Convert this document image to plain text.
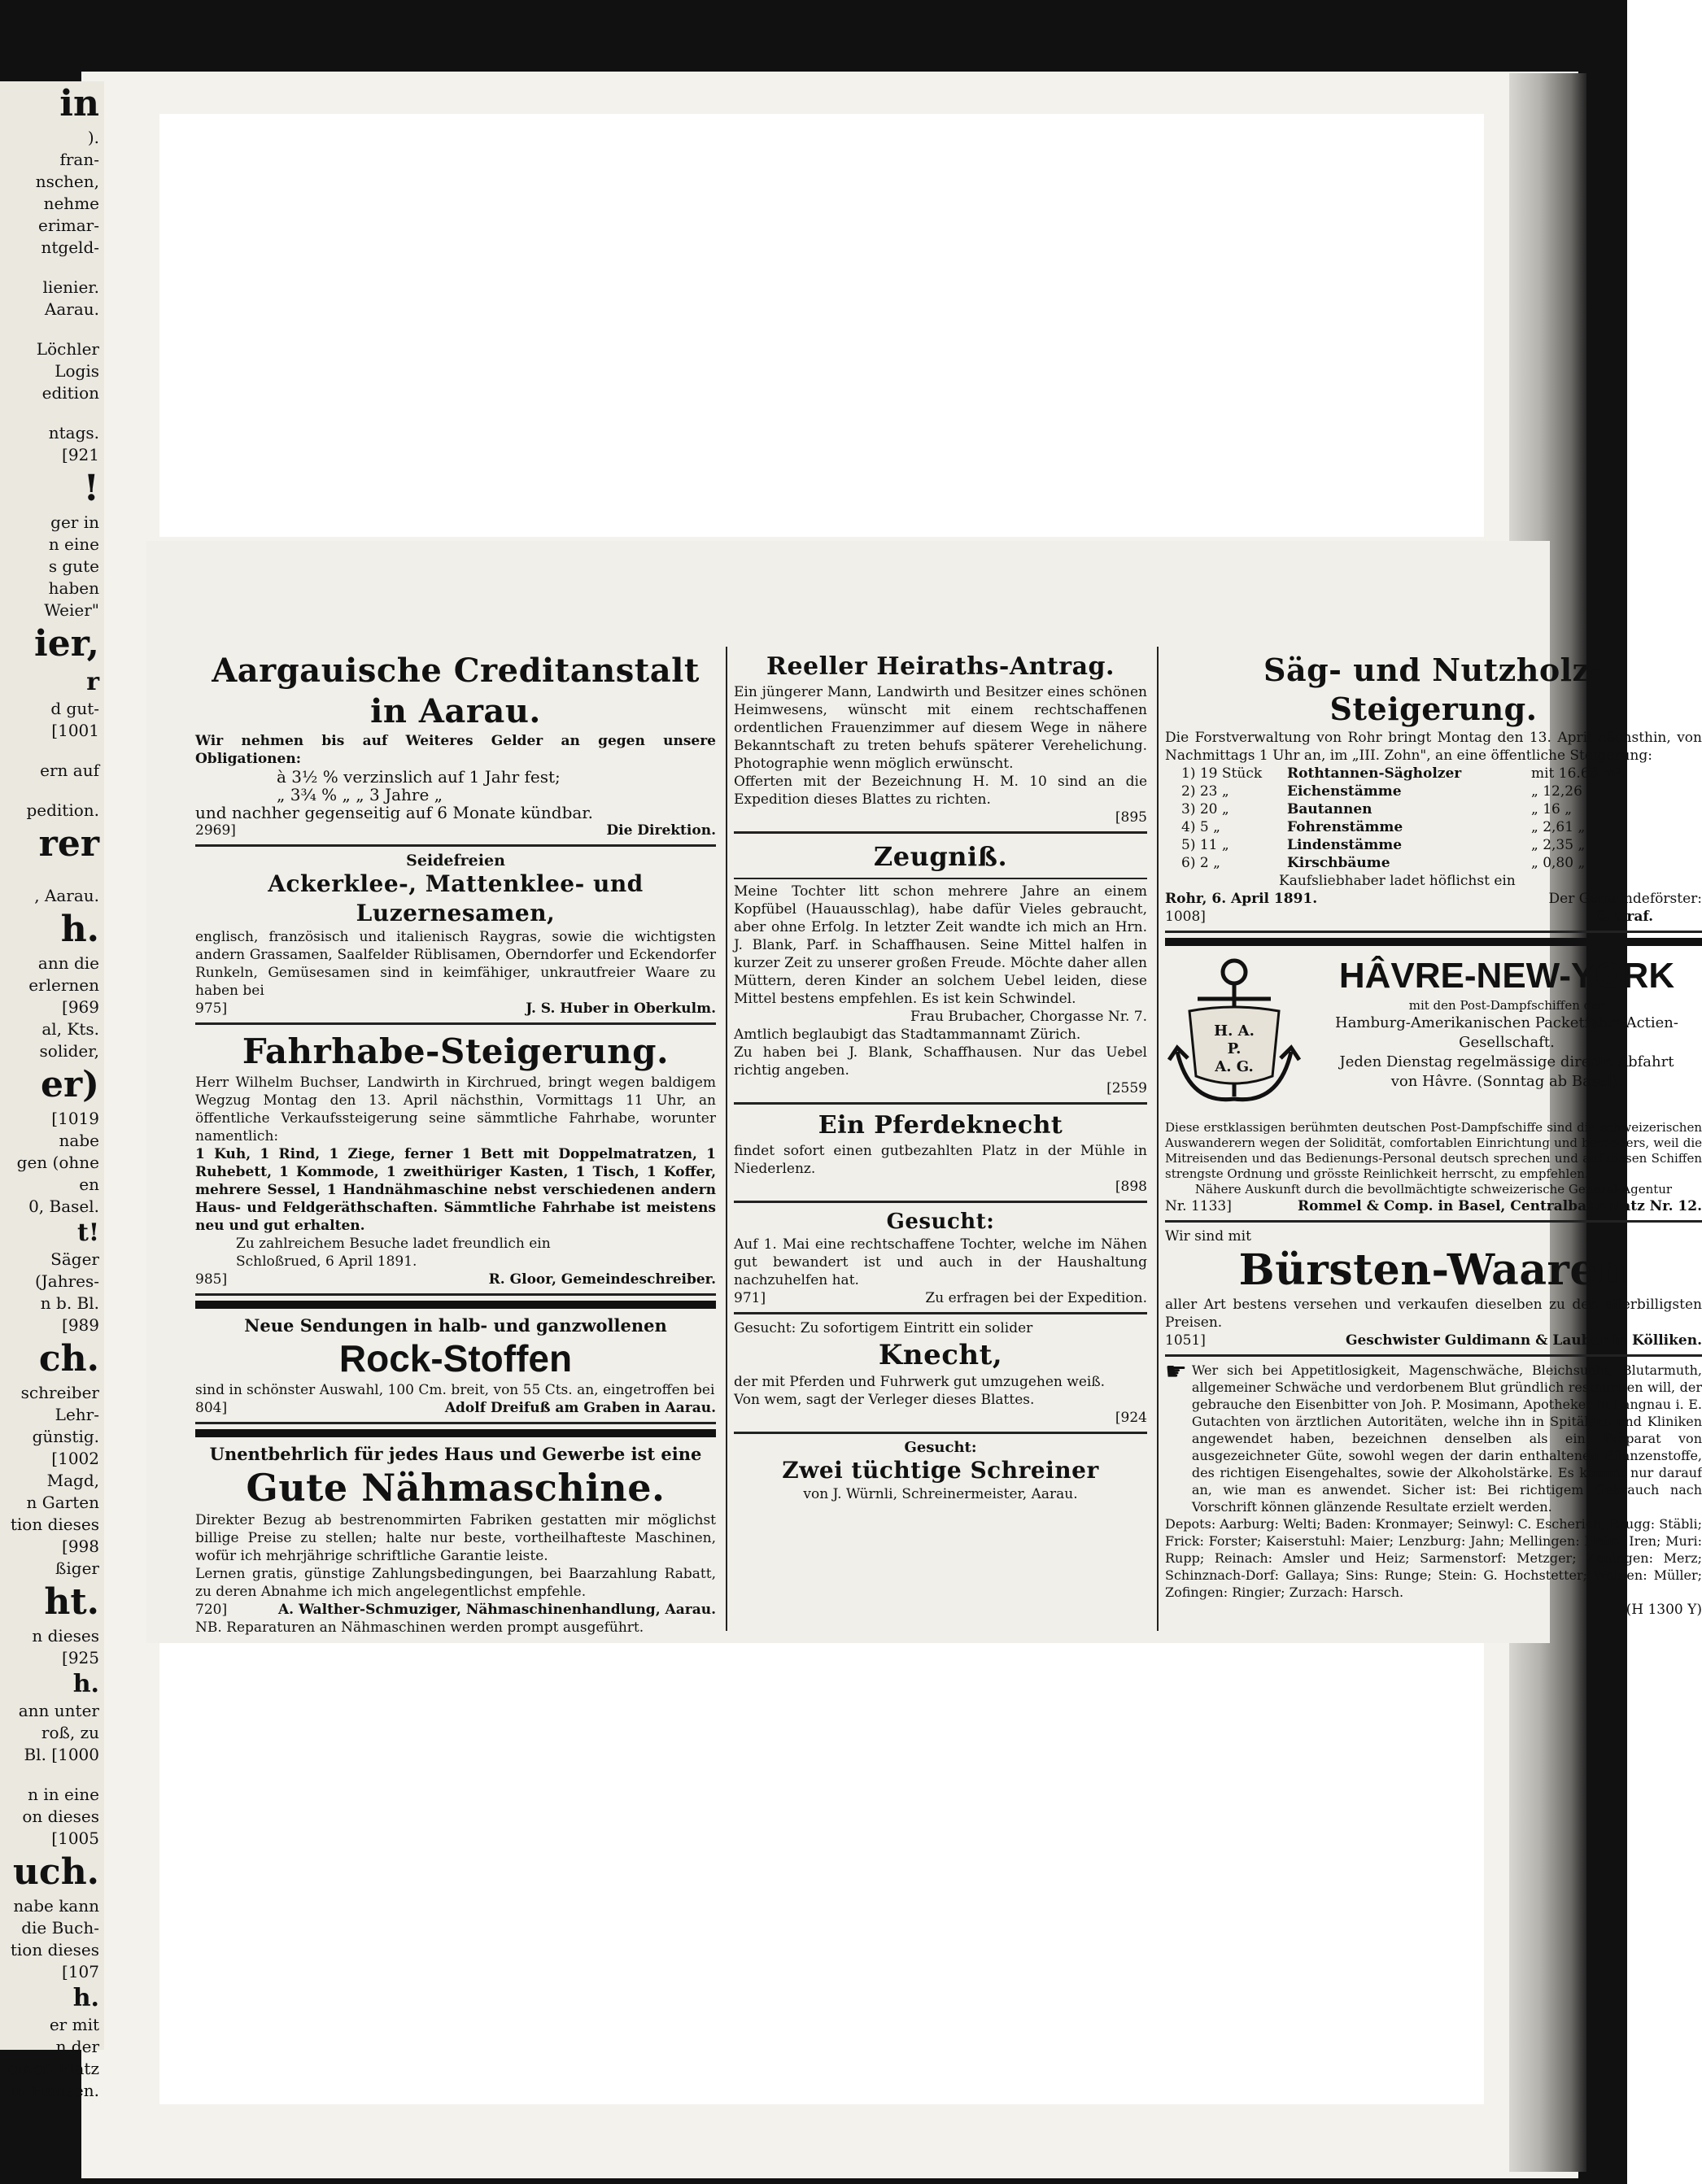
in
).
fran-
nschen,
nehme
erimar-
ntgeld-
lienier.
Aarau.
Löchler
Logis
edition
ntags.
[921
!
ger in
n eine
s gute
haben
Weier"
ier,
r
d gut-
[1001
ern auf
pedition.
rer
, Aarau.
h.
ann die
erlernen
[969
al, Kts.
solider,
er)
[1019
nabe
gen (ohne
en
0, Basel.
t!
Säger
(Jahres-
n b. Bl.
[989
ch.
schreiber
Lehr-
günstig.
[1002
Magd,
n Garten
tion dieses
[998
ßiger
ht.
n dieses
[925
h.
ann unter
roß, zu
Bl. [1000
n in eine
on dieses
[1005
uch.
nabe kann
die Buch-
tion dieses
[107
h.
er mit
n der
einen Platz
in Hausen.
Aargauische Creditanstalt in Aarau.
Wir nehmen bis auf Weiteres Gelder an gegen unsere Obligationen:
à 3½ % verzinslich auf 1 Jahr fest;
„ 3¾ % „ „ 3 Jahre „
und nachher gegenseitig auf 6 Monate kündbar.
2969]	Die Direktion.
Seidefreien
Ackerklee-, Mattenklee- und Luzernesamen,
englisch, französisch und italienisch Raygras, sowie die wichtigsten andern Grassamen, Saalfelder Rüblisamen, Oberndorfer und Eckendorfer Runkeln, Gemüsesamen sind in keimfähiger, unkrautfreier Waare zu haben bei
975]	J. S. Huber in Oberkulm.
Fahrhabe-Steigerung.
Herr Wilhelm Buchser, Landwirth in Kirchrued, bringt wegen baldigem Wegzug Montag den 13. April nächsthin, Vormittags 11 Uhr, an öffentliche Verkaufssteigerung seine sämmtliche Fahrhabe, worunter namentlich:
1 Kuh, 1 Rind, 1 Ziege, ferner 1 Bett mit Doppelmatratzen, 1 Ruhebett, 1 Kommode, 1 zweithüriger Kasten, 1 Tisch, 1 Koffer, mehrere Sessel, 1 Handnähmaschine nebst verschiedenen andern Haus- und Feldgeräthschaften. Sämmtliche Fahrhabe ist meistens neu und gut erhalten.
Zu zahlreichem Besuche ladet freundlich ein
Schloßrued, 6 April 1891.
985]	R. Gloor, Gemeindeschreiber.
Neue Sendungen in halb- und ganzwollenen
Rock-Stoffen
sind in schönster Auswahl, 100 Cm. breit, von 55 Cts. an, eingetroffen bei
804]	Adolf Dreifuß am Graben in Aarau.
Unentbehrlich für jedes Haus und Gewerbe ist eine
Gute Nähmaschine.
Direkter Bezug ab bestrenommirten Fabriken gestatten mir möglichst billige Preise zu stellen; halte nur beste, vortheilhafteste Maschinen, wofür ich mehrjährige schriftliche Garantie leiste.
Lernen gratis, günstige Zahlungsbedingungen, bei Baarzahlung Rabatt, zu deren Abnahme ich mich angelegentlichst empfehle.
720]	A. Walther-Schmuziger, Nähmaschinenhandlung, Aarau.
NB. Reparaturen an Nähmaschinen werden prompt ausgeführt.
Reeller Heiraths-Antrag.
Ein jüngerer Mann, Landwirth und Besitzer eines schönen Heimwesens, wünscht mit einem rechtschaffenen ordentlichen Frauenzimmer auf diesem Wege in nähere Bekanntschaft zu treten behufs späterer Verehelichung. Photographie wenn möglich erwünscht.
Offerten mit der Bezeichnung H. M. 10 sind an die Expedition dieses Blattes zu richten.
[895
Zeugniß.
Meine Tochter litt schon mehrere Jahre an einem Kopfübel (Hauausschlag), habe dafür Vieles gebraucht, aber ohne Erfolg. In letzter Zeit wandte ich mich an Hrn. J. Blank, Parf. in Schaffhausen. Seine Mittel halfen in kurzer Zeit zu unserer großen Freude. Möchte daher allen Müttern, deren Kinder an solchem Uebel leiden, diese Mittel bestens empfehlen. Es ist kein Schwindel.
Frau Brubacher, Chorgasse Nr. 7.
Amtlich beglaubigt das Stadtammannamt Zürich.
Zu haben bei J. Blank, Schaffhausen. Nur das Uebel richtig angeben.
[2559
Ein Pferdeknecht
findet sofort einen gutbezahlten Platz in der Mühle in Niederlenz.
[898
Gesucht:
Auf 1. Mai eine rechtschaffene Tochter, welche im Nähen gut bewandert ist und auch in der Haushaltung nachzuhelfen hat.
971]	Zu erfragen bei der Expedition.
Gesucht: Zu sofortigem Eintritt ein solider
Knecht,
der mit Pferden und Fuhrwerk gut umzugehen weiß.
Von wem, sagt der Verleger dieses Blattes.
[924
Gesucht:
Zwei tüchtige Schreiner
von J. Würnli, Schreinermeister, Aarau.
Säg- und Nutzholz-Steigerung.
Die Forstverwaltung von Rohr bringt Montag den 13. April nächsthin, von Nachmittags 1 Uhr an, im „III. Zohn", an eine öffentliche Steigerung:
1) 19 Stück	Rothtannen-Sägholzer	mit 16.66 m³.
2) 23 „	Eichenstämme	„ 12,26 „
3) 20 „	Bautannen	„ 16 „
4) 5 „	Fohrenstämme	„ 2,61 „
5) 11 „	Lindenstämme	„ 2,35 „
6) 2 „	Kirschbäume	„ 0,80 „
Kaufsliebhaber ladet höflichst ein
Rohr, 6. April 1891.	Der Gemeindeförster:
1008]	S. Graf.
H. A.
P.
A. G.
HÂVRE-NEW-YORK
mit den Post-Dampfschiffen der
Hamburg-Amerikanischen Packetfahrt-Actien-Gesellschaft.
Jeden Dienstag regelmässige directe Abfahrt
von Hâvre. (Sonntag ab Basel).
Diese erstklassigen berühmten deutschen Post-Dampfschiffe sind die schweizerischen Auswanderern wegen der Solidität, comfortablen Einrichtung und besonders, weil die Mitreisenden und das Bedienungs-Personal deutsch sprechen und auf diesen Schiffen strengste Ordnung und grösste Reinlichkeit herrscht, zu empfehlen.
Nähere Auskunft durch die bevollmächtigte schweizerische General-Agentur
Nr. 1133]	Rommel & Comp. in Basel, Centralbahnplatz Nr. 12.
Wir sind mit
Bürsten-Waaren
aller Art bestens versehen und verkaufen dieselben zu den allerbilligsten Preisen.
1051]	Geschwister Guldimann & Lauber in Kölliken.
☛ Wer sich bei Appetitlosigkeit, Magenschwäche, Bleichsucht, Blutarmuth, allgemeiner Schwäche und verdorbenem Blut gründlich restauriren will, der gebrauche den Eisenbitter von Joh. P. Mosimann, Apotheker in Langnau i. E. Gutachten von ärztlichen Autoritäten, welche ihn in Spitälern und Kliniken angewendet haben, bezeichnen denselben als ein Präparat von ausgezeichneter Güte, sowohl wegen der darin enthaltenen Pflanzenstoffe, des richtigen Eisengehaltes, sowie der Alkoholstärke. Es kommt nur darauf an, wie man es anwendet. Sicher ist: Bei richtigem Gebrauch nach Vorschrift können glänzende Resultate erzielt werden.
Depots: Aarburg: Welti; Baden: Kronmayer; Seinwyl: C. Escherich; Brugg: Stäbli; Frick: Forster; Kaiserstuhl: Maier; Lenzburg: Jahn; Mellingen: Heim; Iren; Muri: Rupp; Reinach: Amsler und Heiz; Sarmenstorf: Metzger; Zeningen: Merz; Schinznach-Dorf: Gallaya; Sins: Runge; Stein: G. Hochstetter; Wohlen: Müller; Zofingen: Ringier; Zurzach: Harsch.
(H 1300 Y)
